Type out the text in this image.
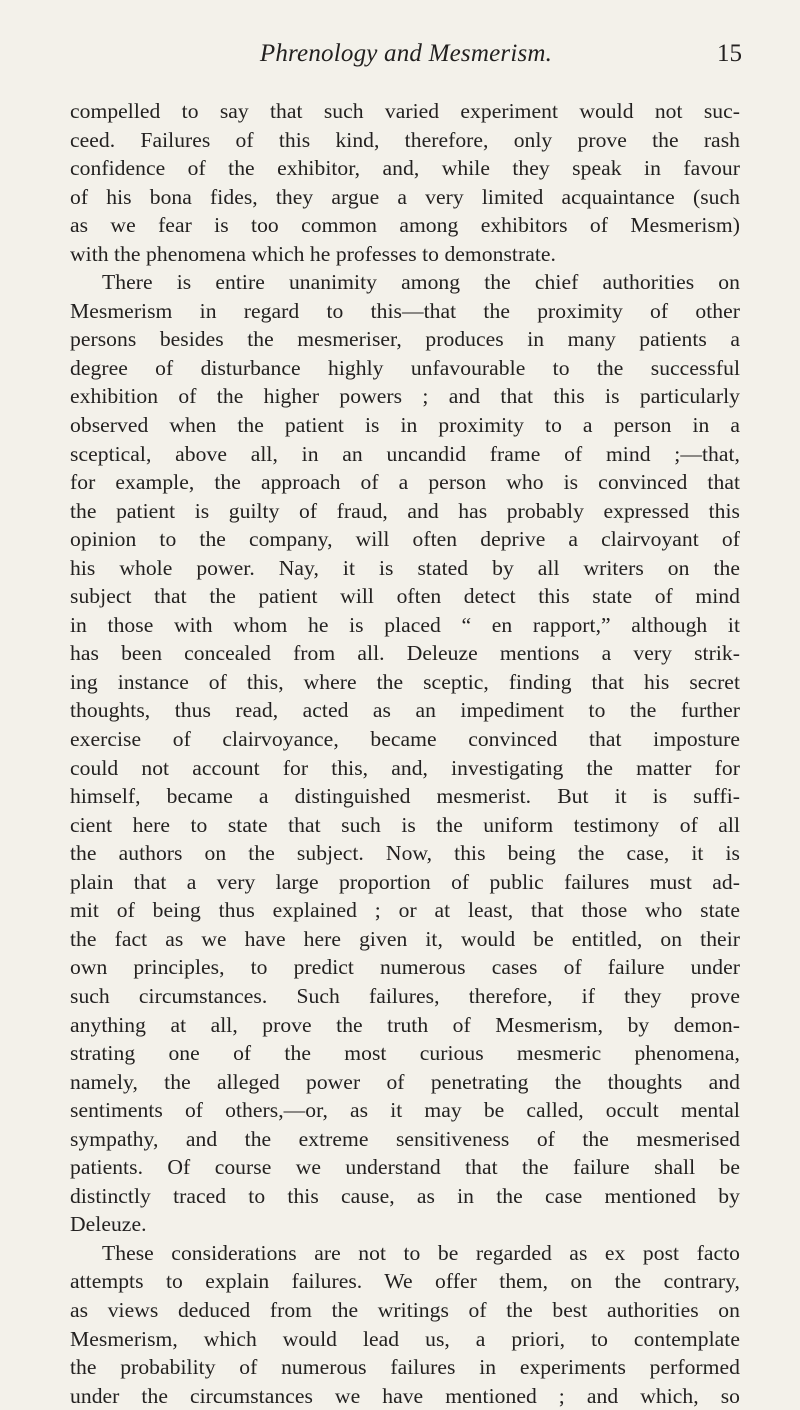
Phrenology and Mesmerism.	15
compelled to say that such varied experiment would not suc-
ceed. Failures of this kind, therefore, only prove the rash
confidence of the exhibitor, and, while they speak in favour
of his bona fides, they argue a very limited acquaintance (such
as we fear is too common among exhibitors of Mesmerism)
with the phenomena which he professes to demonstrate.
There is entire unanimity among the chief authorities on
Mesmerism in regard to this—that the proximity of other
persons besides the mesmeriser, produces in many patients a
degree of disturbance highly unfavourable to the successful
exhibition of the higher powers ; and that this is particularly
observed when the patient is in proximity to a person in a
sceptical, above all, in an uncandid frame of mind ;—that,
for example, the approach of a person who is convinced that
the patient is guilty of fraud, and has probably expressed this
opinion to the company, will often deprive a clairvoyant of
his whole power. Nay, it is stated by all writers on the
subject that the patient will often detect this state of mind
in those with whom he is placed “ en rapport,” although it
has been concealed from all. Deleuze mentions a very strik-
ing instance of this, where the sceptic, finding that his secret
thoughts, thus read, acted as an impediment to the further
exercise of clairvoyance, became convinced that imposture
could not account for this, and, investigating the matter for
himself, became a distinguished mesmerist. But it is suffi-
cient here to state that such is the uniform testimony of all
the authors on the subject. Now, this being the case, it is
plain that a very large proportion of public failures must ad-
mit of being thus explained ; or at least, that those who state
the fact as we have here given it, would be entitled, on their
own principles, to predict numerous cases of failure under
such circumstances. Such failures, therefore, if they prove
anything at all, prove the truth of Mesmerism, by demon-
strating one of the most curious mesmeric phenomena,
namely, the alleged power of penetrating the thoughts and
sentiments of others,—or, as it may be called, occult mental
sympathy, and the extreme sensitiveness of the mesmerised
patients. Of course we understand that the failure shall be
distinctly traced to this cause, as in the case mentioned by
Deleuze.
These considerations are not to be regarded as ex post facto
attempts to explain failures. We offer them, on the contrary,
as views deduced from the writings of the best authorities on
Mesmerism, which would lead us, a priori, to contemplate
the probability of numerous failures in experiments performed
under the circumstances we have mentioned ; and which, so
